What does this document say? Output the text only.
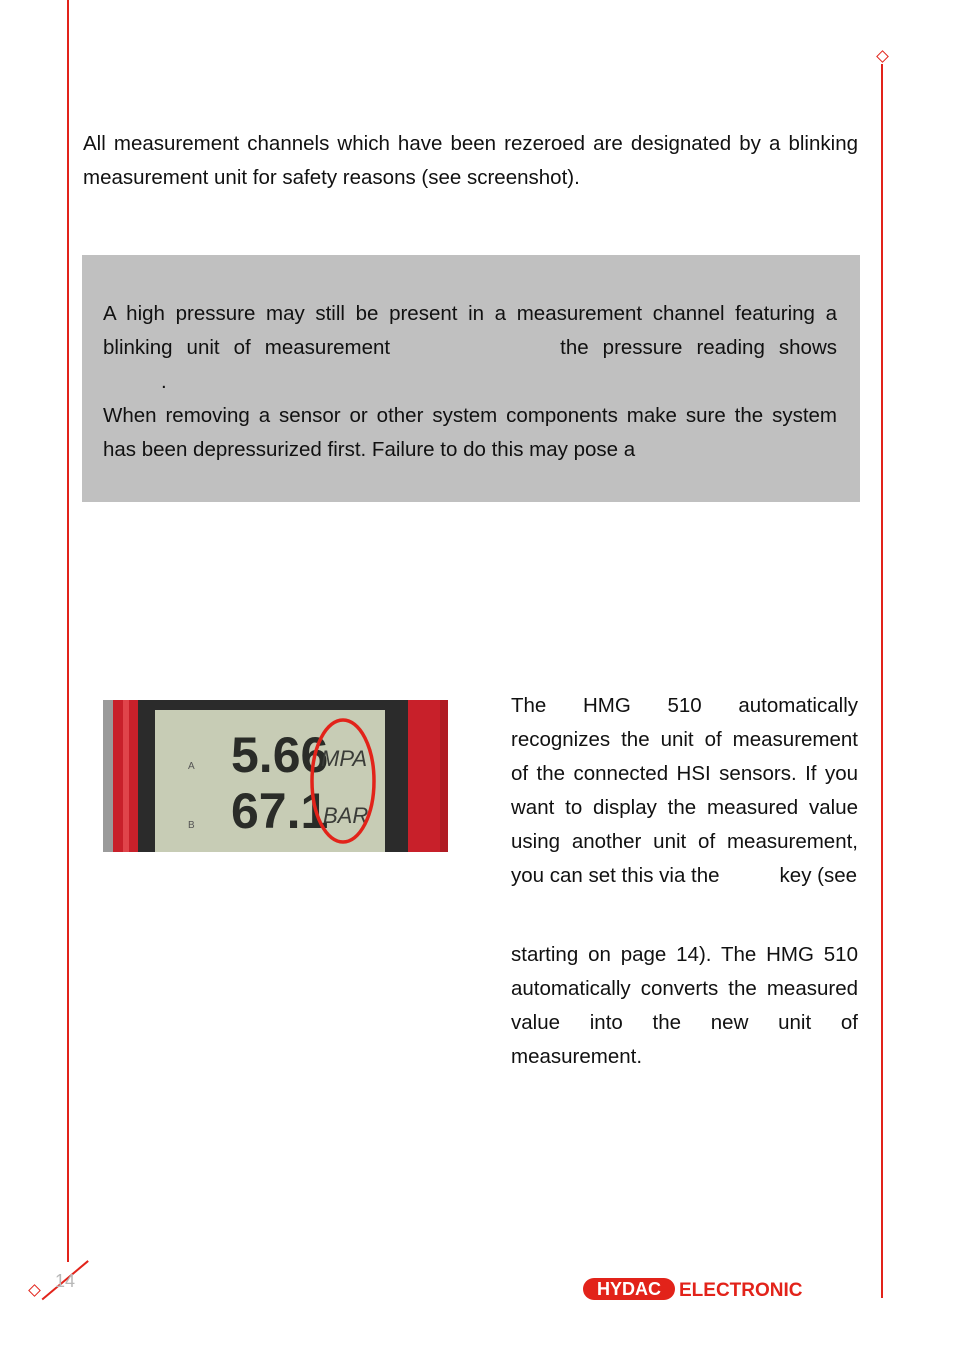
All measurement channels which have been rezeroed are designated by a blinking measurement unit for safety reasons (see screenshot).
A high pressure may still be present in a measurement channel featuring a blinking unit of measurement	the pressure reading shows.
When removing a sensor or other system components make sure the system has been depressurized first. Failure to do this may pose a
A
B
5.66
67.1
MPA
BAR
The HMG 510 automatically recognizes the unit of measurement of the connected HSI sensors. If you want to display the measured value using another unit of measurement, you can set this via the	key (see

starting on page 14). The HMG 510 automatically converts the measured value into the new unit of measurement.
14	HYDAC ELECTRONIC
